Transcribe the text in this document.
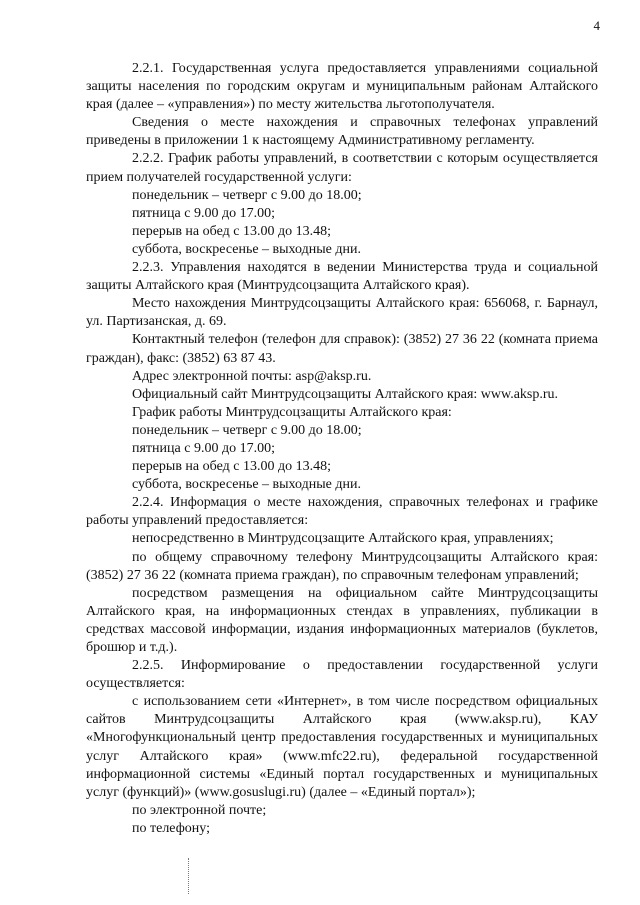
4

2.2.1. Государственная услуга предоставляется управлениями социальной защиты населения по городским округам и муниципальным районам Алтайского края (далее – «управления») по месту жительства льготополучателя.

Сведения о месте нахождения и справочных телефонах управлений приведены в приложении 1 к настоящему Административному регламенту.

2.2.2. График работы управлений, в соответствии с которым осуществляется прием получателей государственной услуги:

понедельник – четверг с 9.00 до 18.00;

пятница с 9.00 до 17.00;

перерыв на обед с 13.00 до 13.48;

суббота, воскресенье – выходные дни.

2.2.3. Управления находятся в ведении Министерства труда и социальной защиты Алтайского края (Минтрудсоцзащита Алтайского края).

Место нахождения Минтрудсоцзащиты Алтайского края: 656068, г. Барнаул, ул. Партизанская, д. 69.

Контактный телефон (телефон для справок): (3852) 27 36 22 (комната приема граждан), факс: (3852) 63 87 43.

Адрес электронной почты: asp@aksp.ru.

Официальный сайт Минтрудсоцзащиты Алтайского края: www.aksp.ru.

График работы Минтрудсоцзащиты Алтайского края:

понедельник – четверг с 9.00 до 18.00;

пятница с 9.00 до 17.00;

перерыв на обед с 13.00 до 13.48;

суббота, воскресенье – выходные дни.

2.2.4. Информация о месте нахождения, справочных телефонах и графике работы управлений предоставляется:

непосредственно в Минтрудсоцзащите Алтайского края, управлениях;

по общему справочному телефону Минтрудсоцзащиты Алтайского края: (3852) 27 36 22 (комната приема граждан), по справочным телефонам управлений;

посредством размещения на официальном сайте Минтрудсоцзащиты Алтайского края, на информационных стендах в управлениях, публикации в средствах массовой информации, издания информационных материалов (буклетов, брошюр и т.д.).

2.2.5. Информирование о предоставлении государственной услуги осуществляется:

с использованием сети «Интернет», в том числе посредством официальных сайтов Минтрудсоцзащиты Алтайского края (www.aksp.ru), КАУ «Многофункциональный центр предоставления государственных и муниципальных услуг Алтайского края» (www.mfc22.ru), федеральной государственной информационной системы «Единый портал государственных и муниципальных услуг (функций)» (www.gosuslugi.ru) (далее – «Единый портал»);

по электронной почте;

по телефону;
